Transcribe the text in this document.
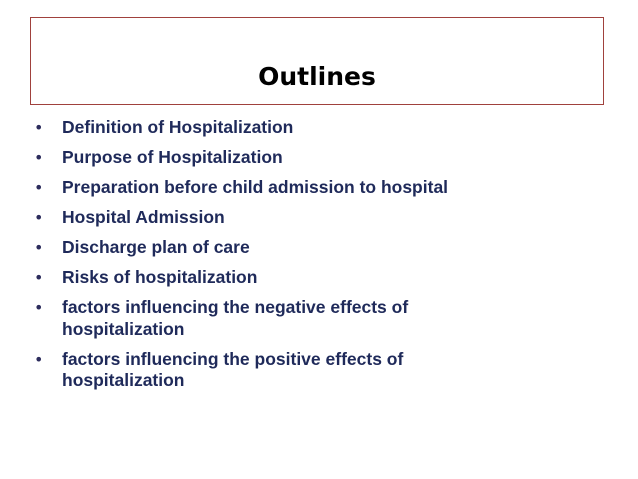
Outlines
• Definition of Hospitalization
• Purpose of Hospitalization
• Preparation before child admission to hospital
• Hospital Admission
• Discharge plan of care
• Risks of hospitalization
• factors influencing the negative effects of hospitalization
• factors influencing the positive effects of hospitalization
